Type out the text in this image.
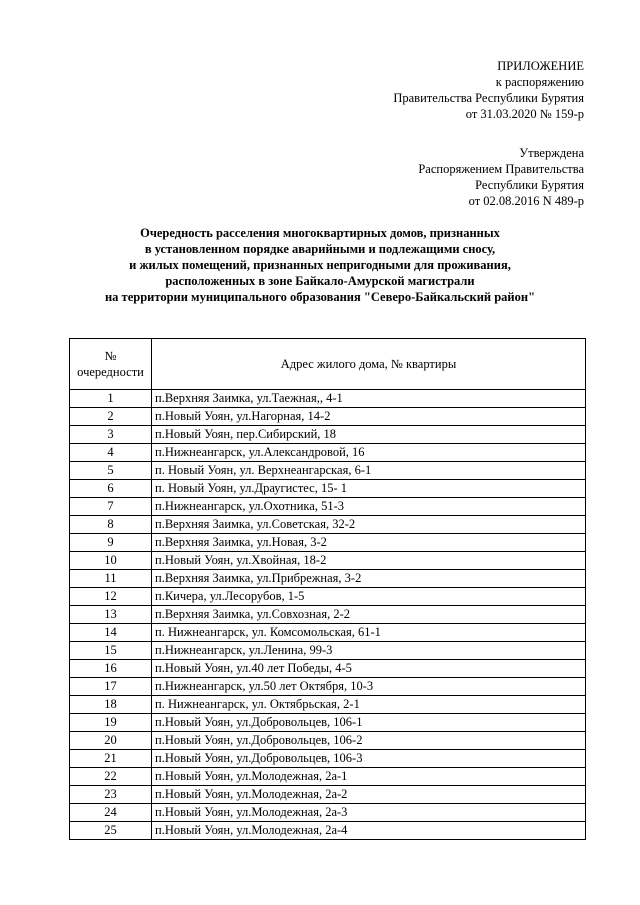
ПРИЛОЖЕНИЕ
к распоряжению
Правительства Республики Бурятия
от 31.03.2020 № 159-р
Утверждена
Распоряжением Правительства
Республики Бурятия
от 02.08.2016 N 489-р
Очередность расселения многоквартирных домов, признанных
в установленном порядке аварийными и подлежащими сносу,
и жилых помещений, признанных непригодными для проживания,
расположенных в зоне Байкало-Амурской магистрали
на территории муниципального образования "Северо-Байкальский район"
№
очередности	Адрес жилого дома, № квартиры
1	п.Верхняя Заимка, ул.Таежная,, 4-1
2	п.Новый Уоян, ул.Нагорная, 14-2
3	п.Новый Уоян, пер.Сибирский, 18
4	п.Нижнеангарск, ул.Александровой, 16
5	п. Новый Уоян, ул. Верхнеангарская, 6-1
6	п. Новый Уоян, ул.Драугистес, 15- 1
7	п.Нижнеангарск, ул.Охотника, 51-3
8	п.Верхняя Заимка, ул.Советская, 32-2
9	п.Верхняя Заимка, ул.Новая, 3-2
10	п.Новый Уоян, ул.Хвойная, 18-2
11	п.Верхняя Заимка, ул.Прибрежная, 3-2
12	п.Кичера, ул.Лесорубов, 1-5
13	п.Верхняя Заимка, ул.Совхозная, 2-2
14	п. Нижнеангарск, ул. Комсомольская, 61-1
15	п.Нижнеангарск, ул.Ленина, 99-3
16	п.Новый Уоян, ул.40 лет Победы, 4-5
17	п.Нижнеангарск, ул.50 лет Октября, 10-3
18	п. Нижнеангарск, ул. Октябрьская, 2-1
19	п.Новый Уоян, ул.Добровольцев, 106-1
20	п.Новый Уоян, ул.Добровольцев, 106-2
21	п.Новый Уоян, ул.Добровольцев, 106-3
22	п.Новый Уоян, ул.Молодежная, 2а-1
23	п.Новый Уоян, ул.Молодежная, 2а-2
24	п.Новый Уоян, ул.Молодежная, 2а-3
25	п.Новый Уоян, ул.Молодежная, 2а-4
